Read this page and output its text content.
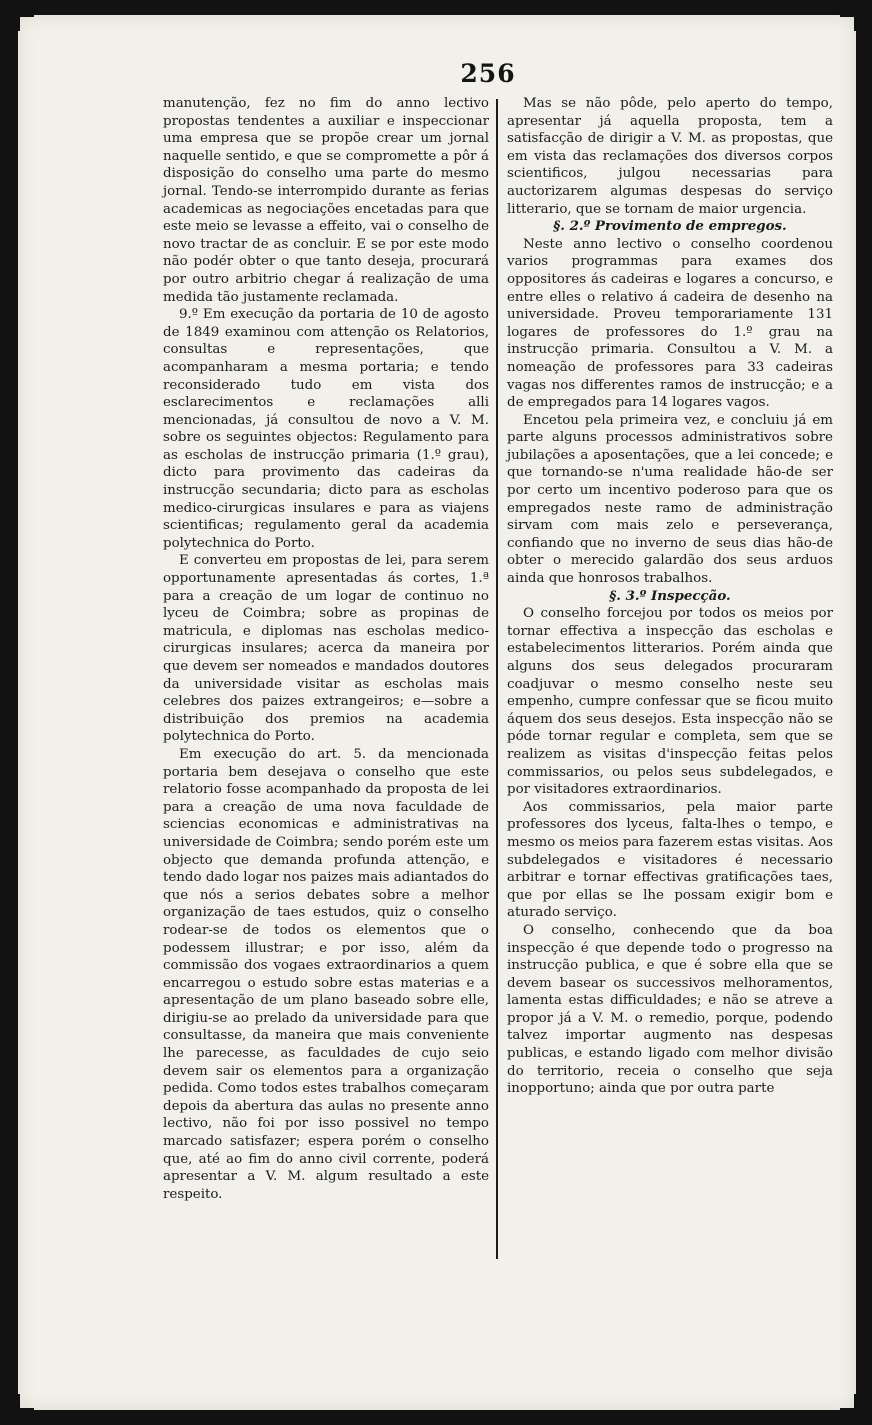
256

manutenção, fez no fim do anno lectivo propostas tendentes a auxiliar e inspeccionar uma empresa que se propõe crear um jornal naquelle sentido, e que se compromette a pôr á disposição do conselho uma parte do mesmo jornal. Tendo-se interrompido durante as ferias academicas as negociações encetadas para que este meio se levasse a effeito, vai o conselho de novo tractar de as concluir. E se por este modo não podér obter o que tanto deseja, procurará por outro arbitrio chegar á realização de uma medida tão justamente reclamada.

9.º Em execução da portaria de 10 de agosto de 1849 examinou com attenção os Relatorios, consultas e representações, que acompanharam a mesma portaria; e tendo reconsiderado tudo em vista dos esclarecimentos e reclamações alli mencionadas, já consultou de novo a V. M. sobre os seguintes objectos: Regulamento para as escholas de instrucção primaria (1.º grau), dicto para provimento das cadeiras da instrucção secundaria; dicto para as escholas medico-cirurgicas insulares e para as viajens scientificas; regulamento geral da academia polytechnica do Porto.

E converteu em propostas de lei, para serem opportunamente apresentadas ás cortes, 1.ª para a creação de um logar de continuo no lyceu de Coimbra; sobre as propinas de matricula, e diplomas nas escholas medico-cirurgicas insulares; acerca da maneira por que devem ser nomeados e mandados doutores da universidade visitar as escholas mais celebres dos paizes extrangeiros; e—sobre a distribuição dos premios na academia polytechnica do Porto.

Em execução do art. 5. da mencionada portaria bem desejava o conselho que este relatorio fosse acompanhado da proposta de lei para a creação de uma nova faculdade de sciencias economicas e administrativas na universidade de Coimbra; sendo porém este um objecto que demanda profunda attenção, e tendo dado logar nos paizes mais adiantados do que nós a serios debates sobre a melhor organização de taes estudos, quiz o conselho rodear-se de todos os elementos que o podessem illustrar; e por isso, além da commissão dos vogaes extraordinarios a quem encarregou o estudo sobre estas materias e a apresentação de um plano baseado sobre elle, dirigiu-se ao prelado da universidade para que consultasse, da maneira que mais conveniente lhe parecesse, as faculdades de cujo seio devem sair os elementos para a organização pedida. Como todos estes trabalhos começaram depois da abertura das aulas no presente anno lectivo, não foi por isso possivel no tempo marcado satisfazer; espera porém o conselho que, até ao fim do anno civil corrente, poderá apresentar a V. M. algum resultado a este respeito.

Mas se não pôde, pelo aperto do tempo, apresentar já aquella proposta, tem a satisfacção de dirigir a V. M. as propostas, que em vista das reclamações dos diversos corpos scientificos, julgou necessarias para auctorizarem algumas despesas do serviço litterario, que se tornam de maior urgencia.

§. 2.º Provimento de empregos.

Neste anno lectivo o conselho coordenou varios programmas para exames dos oppositores ás cadeiras e logares a concurso, e entre elles o relativo á cadeira de desenho na universidade. Proveu temporariamente 131 logares de professores do 1.º grau na instrucção primaria. Consultou a V. M. a nomeação de professores para 33 cadeiras vagas nos differentes ramos de instrucção; e a de empregados para 14 logares vagos.

Encetou pela primeira vez, e concluiu já em parte alguns processos administrativos sobre jubilações a aposentações, que a lei concede; e que tornando-se n'uma realidade hão-de ser por certo um incentivo poderoso para que os empregados neste ramo de administração sirvam com mais zelo e perseverança, confiando que no inverno de seus dias hão-de obter o merecido galardão dos seus arduos ainda que honrosos trabalhos.

§. 3.º Inspecção.

O conselho forcejou por todos os meios por tornar effectiva a inspecção das escholas e estabelecimentos litterarios. Porém ainda que alguns dos seus delegados procuraram coadjuvar o mesmo conselho neste seu empenho, cumpre confessar que se ficou muito áquem dos seus desejos. Esta inspecção não se póde tornar regular e completa, sem que se realizem as visitas d'inspecção feitas pelos commissarios, ou pelos seus subdelegados, e por visitadores extraordinarios.

Aos commissarios, pela maior parte professores dos lyceus, falta-lhes o tempo, e mesmo os meios para fazerem estas visitas. Aos subdelegados e visitadores é necessario arbitrar e tornar effectivas gratificações taes, que por ellas se lhe possam exigir bom e aturado serviço.

O conselho, conhecendo que da boa inspecção é que depende todo o progresso na instrucção publica, e que é sobre ella que se devem basear os successivos melhoramentos, lamenta estas difficuldades; e não se atreve a propor já a V. M. o remedio, porque, podendo talvez importar augmento nas despesas publicas, e estando ligado com melhor divisão do territorio, receia o conselho que seja inopportuno; ainda que por outra parte
